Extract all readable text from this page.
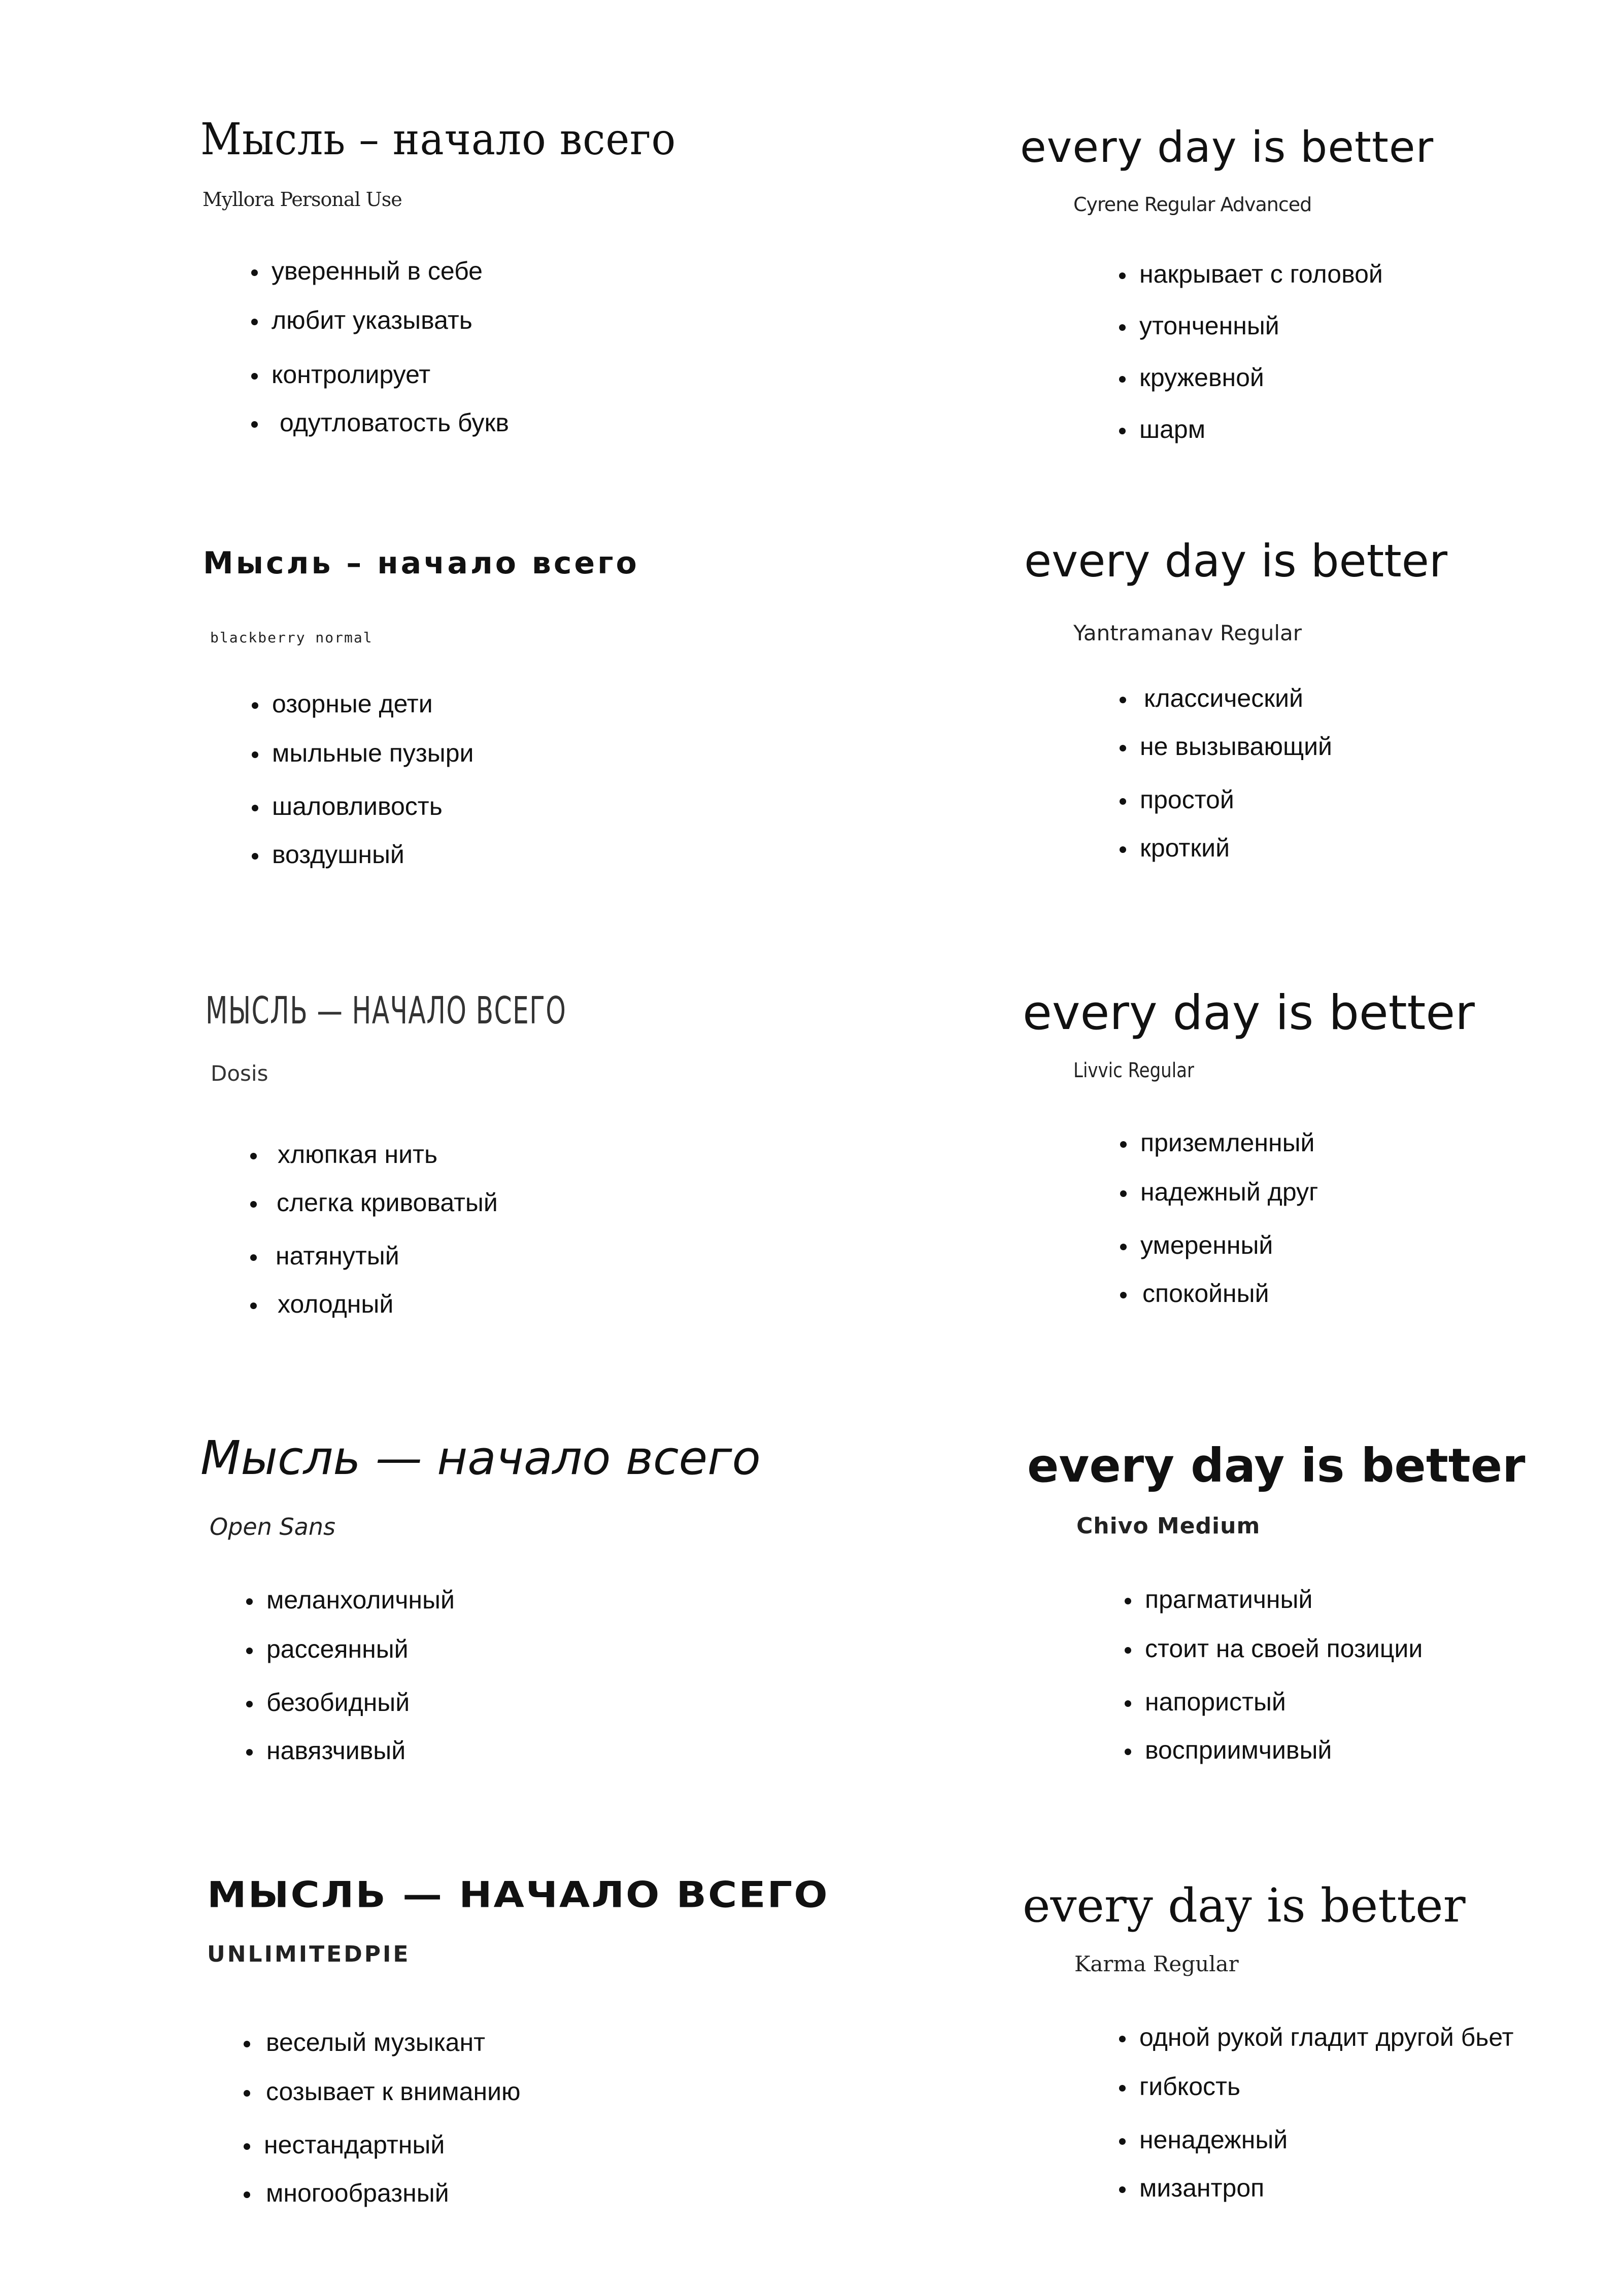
Мысль – начало всего
Myllora Personal Use
уверенный в себе
любит указывать
контролирует
одутловатость букв
Мысль – начало всего
blackberry normal
озорные дети
мыльные пузыри
шаловливость
воздушный
МЫСЛЬ — НАЧАЛО ВСЕГО
Dosis
хлюпкая нить
слегка кривоватый
натянутый
холодный
Мысль — начало всего
Open Sans
меланхоличный
рассеянный
безобидный
навязчивый
МЫСЛЬ — НАЧАЛО ВСЕГО
UNLIMITEDPIE
веселый музыкант
созывает к вниманию
нестандартный
многообразный
every day is better
Cyrene Regular Advanced
накрывает с головой
утонченный
кружевной
шарм
every day is better
Yantramanav Regular
классический
не вызывающий
простой
кроткий
every day is better
Livvic Regular
приземленный
надежный друг
умеренный
спокойный
every day is better
Chivo Medium
прагматичный
стоит на своей позиции
напористый
восприимчивый
every day is better
Karma Regular
одной рукой гладит другой бьет
гибкость
ненадежный
мизантроп
